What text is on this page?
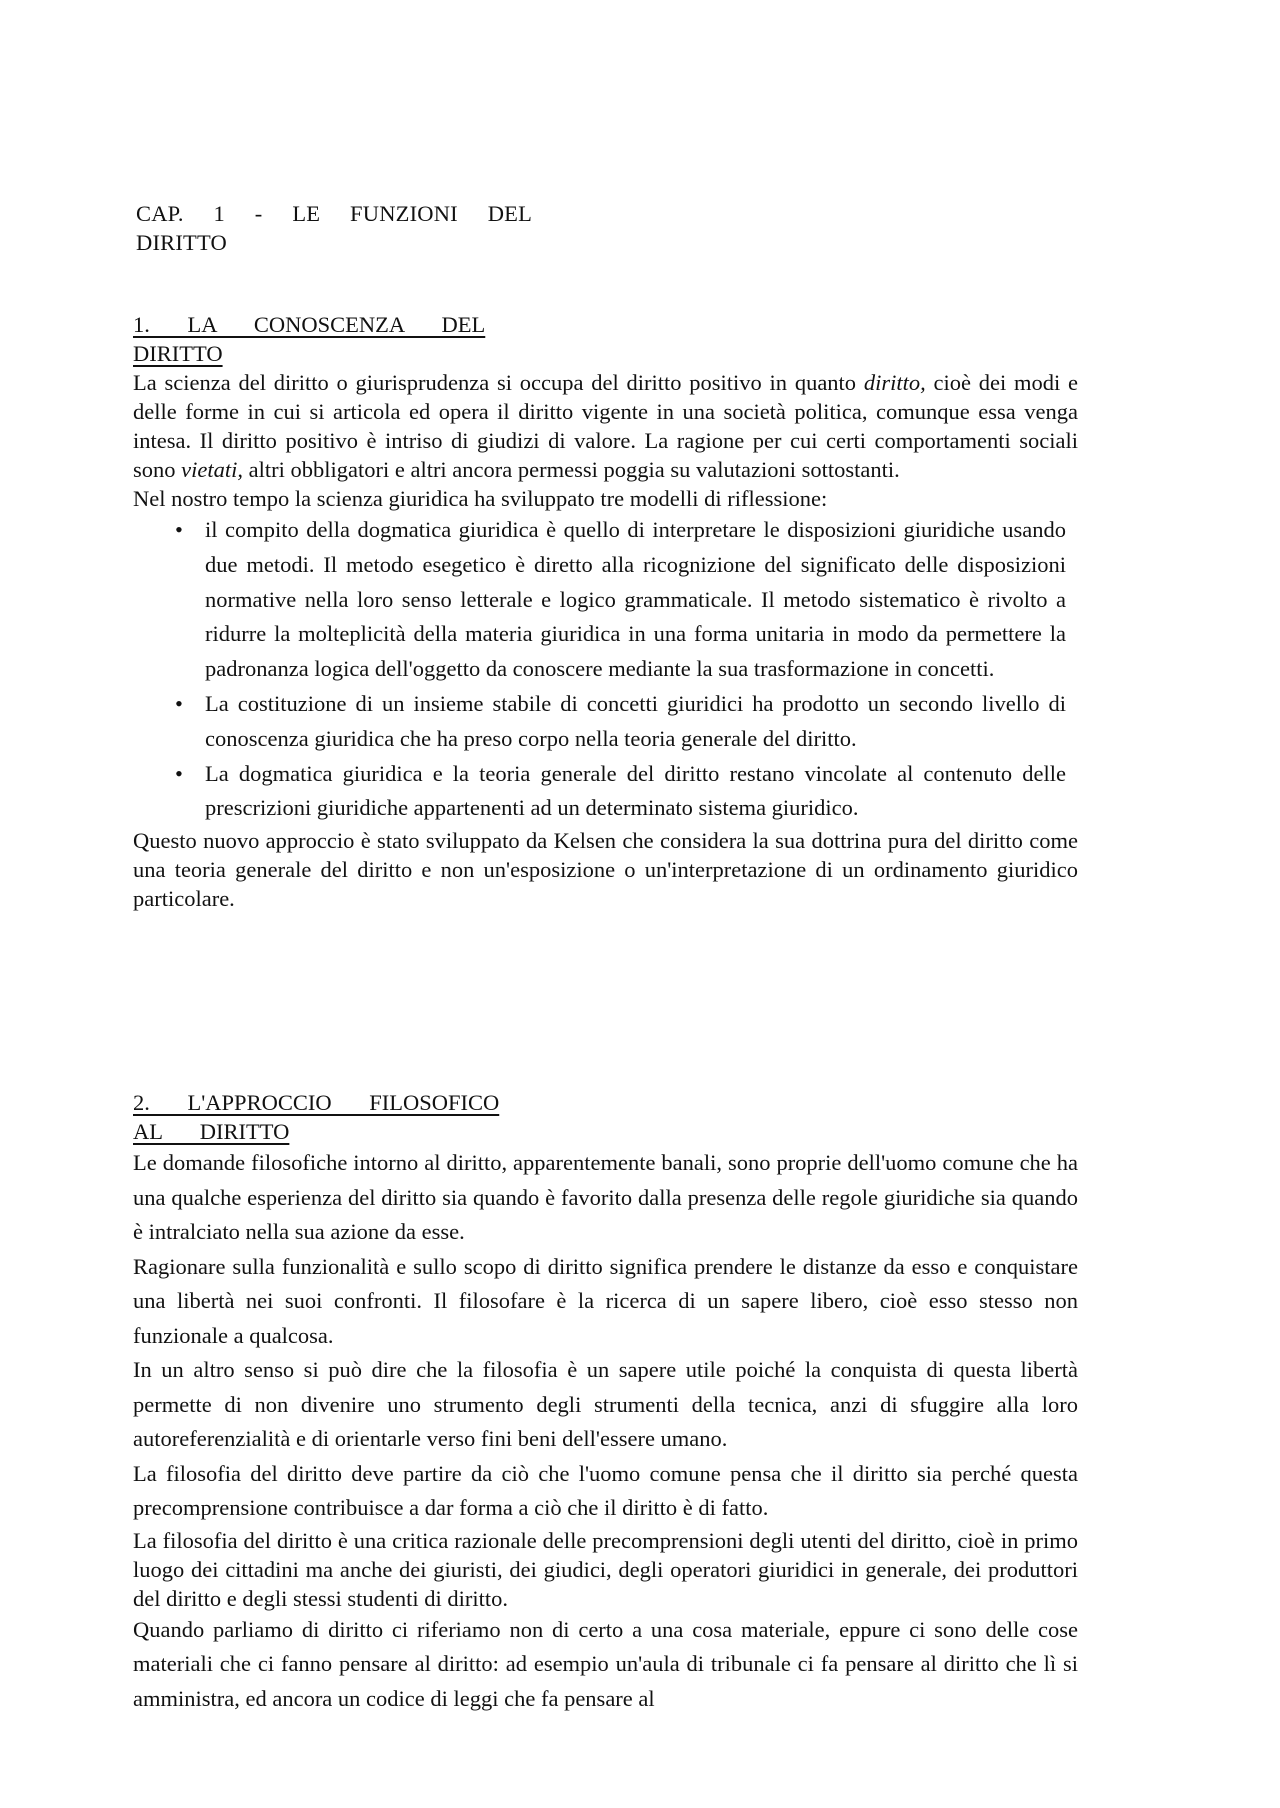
CAP. 1 - LE FUNZIONI DEL DIRITTO
1. LA CONOSCENZA DEL DIRITTO

La scienza del diritto o giurisprudenza si occupa del diritto positivo in quanto diritto, cioè dei modi e delle forme in cui si articola ed opera il diritto vigente in una società politica, comunque essa venga intesa. Il diritto positivo è intriso di giudizi di valore. La ragione per cui certi comportamenti sociali sono vietati, altri obbligatori e altri ancora permessi poggia su valutazioni sottostanti.

Nel nostro tempo la scienza giuridica ha sviluppato tre modelli di riflessione:

• il compito della dogmatica giuridica è quello di interpretare le disposizioni giuridiche usando due metodi. Il metodo esegetico è diretto alla ricognizione del significato delle disposizioni normative nella loro senso letterale e logico grammaticale. Il metodo sistematico è rivolto a ridurre la molteplicità della materia giuridica in una forma unitaria in modo da permettere la padronanza logica dell'oggetto da conoscere mediante la sua trasformazione in concetti.
• La costituzione di un insieme stabile di concetti giuridici ha prodotto un secondo livello di conoscenza giuridica che ha preso corpo nella teoria generale del diritto.
• La dogmatica giuridica e la teoria generale del diritto restano vincolate al contenuto delle prescrizioni giuridiche appartenenti ad un determinato sistema giuridico.

Questo nuovo approccio è stato sviluppato da Kelsen che considera la sua dottrina pura del diritto come una teoria generale del diritto e non un'esposizione o un'interpretazione di un ordinamento giuridico particolare.

2. L'APPROCCIO FILOSOFICO AL DIRITTO

Le domande filosofiche intorno al diritto, apparentemente banali, sono proprie dell'uomo comune che ha una qualche esperienza del diritto sia quando è favorito dalla presenza delle regole giuridiche sia quando è intralciato nella sua azione da esse.

Ragionare sulla funzionalità e sullo scopo di diritto significa prendere le distanze da esso e conquistare una libertà nei suoi confronti. Il filosofare è la ricerca di un sapere libero, cioè esso stesso non funzionale a qualcosa.

In un altro senso si può dire che la filosofia è un sapere utile poiché la conquista di questa libertà permette di non divenire uno strumento degli strumenti della tecnica, anzi di sfuggire alla loro autoreferenzialità e di orientarle verso fini beni dell'essere umano.

La filosofia del diritto deve partire da ciò che l'uomo comune pensa che il diritto sia perché questa precomprensione contribuisce a dar forma a ciò che il diritto è di fatto.

La filosofia del diritto è una critica razionale delle precomprensioni degli utenti del diritto, cioè in primo luogo dei cittadini ma anche dei giuristi, dei giudici, degli operatori giuridici in generale, dei produttori del diritto e degli stessi studenti di diritto.

Quando parliamo di diritto ci riferiamo non di certo a una cosa materiale, eppure ci sono delle cose materiali che ci fanno pensare al diritto: ad esempio un'aula di tribunale ci fa pensare al diritto che lì si amministra, ed ancora un codice di leggi che fa pensare al
